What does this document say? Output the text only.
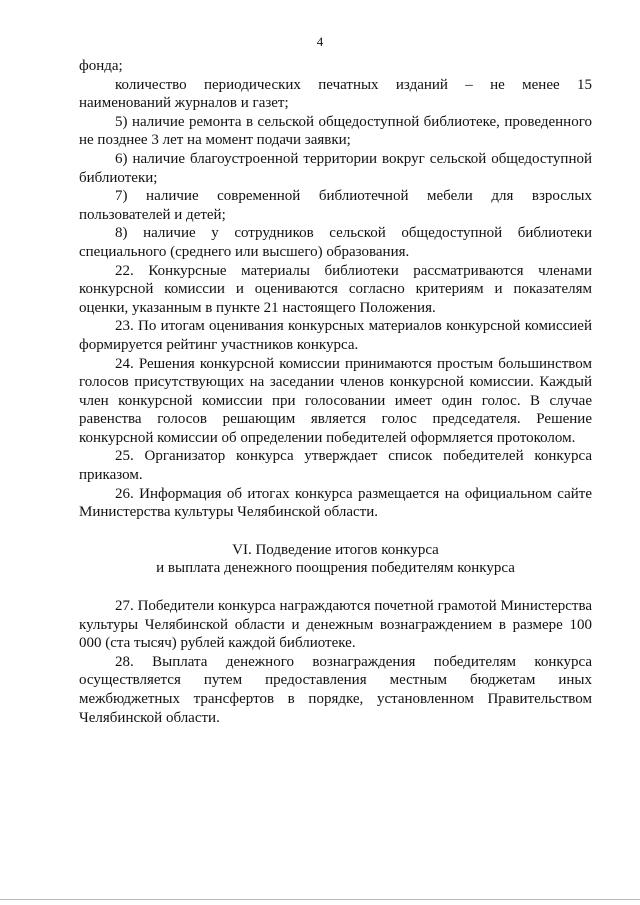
4

фонда;

количество периодических печатных изданий – не менее 15 наименований журналов и газет;

5) наличие ремонта в сельской общедоступной библиотеке, проведенного не позднее 3 лет на момент подачи заявки;

6) наличие благоустроенной территории вокруг сельской общедоступной библиотеки;

7) наличие современной библиотечной мебели для взрослых пользователей и детей;

8) наличие у сотрудников сельской общедоступной библиотеки специального (среднего или высшего) образования.

22. Конкурсные материалы библиотеки рассматриваются членами конкурсной комиссии и оцениваются согласно критериям и показателям оценки, указанным в пункте 21 настоящего Положения.

23. По итогам оценивания конкурсных материалов конкурсной комиссией формируется рейтинг участников конкурса.

24. Решения конкурсной комиссии принимаются простым большинством голосов присутствующих на заседании членов конкурсной комиссии. Каждый член конкурсной комиссии при голосовании имеет один голос. В случае равенства голосов решающим является голос председателя. Решение конкурсной комиссии об определении победителей оформляется протоколом.

25. Организатор конкурса утверждает список победителей конкурса приказом.

26. Информация об итогах конкурса размещается на официальном сайте Министерства культуры Челябинской области.

VI. Подведение итогов конкурса

и выплата денежного поощрения победителям конкурса

27. Победители конкурса награждаются почетной грамотой Министерства культуры Челябинской области и денежным вознаграждением в размере 100 000 (ста тысяч) рублей каждой библиотеке.

28. Выплата денежного вознаграждения победителям конкурса осуществляется путем предоставления местным бюджетам иных межбюджетных трансфертов в порядке, установленном Правительством Челябинской области.
